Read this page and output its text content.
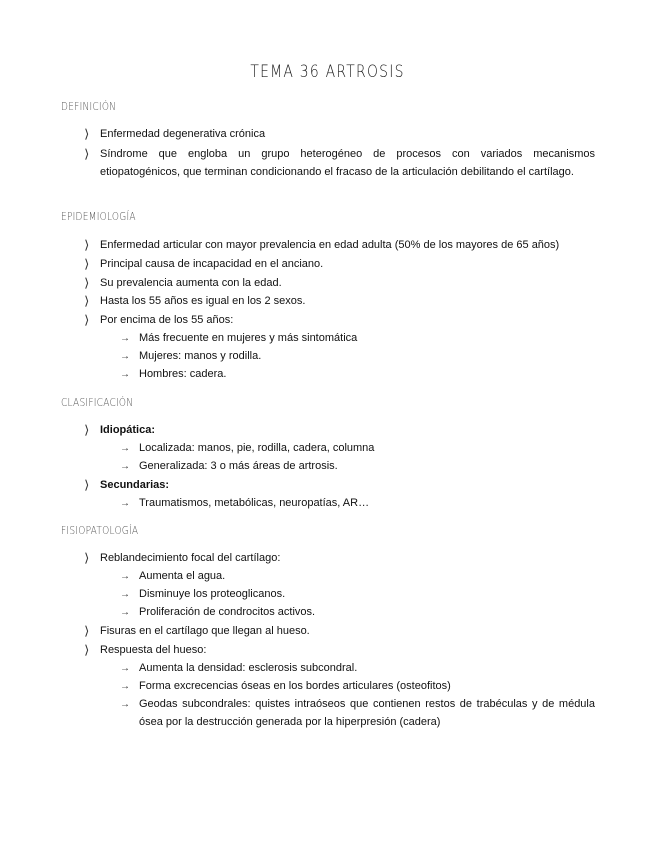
TEMA 36 ARTROSIS
DEFINICIÓN
❭ Enfermedad degenerativa crónica
❭ Síndrome que engloba un grupo heterogéneo de procesos con variados mecanismos etiopatogénicos, que terminan condicionando el fracaso de la articulación debilitando el cartílago.
EPIDEMIOLOGÍA
❭ Enfermedad articular con mayor prevalencia en edad adulta (50% de los mayores de 65 años)
❭ Principal causa de incapacidad en el anciano.
❭ Su prevalencia aumenta con la edad.
❭ Hasta los 55 años es igual en los 2 sexos.
❭ Por encima de los 55 años:
→ Más frecuente en mujeres y más sintomática
→ Mujeres: manos y rodilla.
→ Hombres: cadera.
CLASIFICACIÓN
❭ Idiopática:
→ Localizada: manos, pie, rodilla, cadera, columna
→ Generalizada: 3 o más áreas de artrosis.
❭ Secundarias:
→ Traumatismos, metabólicas, neuropatías, AR…
FISIOPATOLOGÍA
❭ Reblandecimiento focal del cartílago:
→ Aumenta el agua.
→ Disminuye los proteoglicanos.
→ Proliferación de condrocitos activos.
❭ Fisuras en el cartílago que llegan al hueso.
❭ Respuesta del hueso:
→ Aumenta la densidad: esclerosis subcondral.
→ Forma excrecencias óseas en los bordes articulares (osteofitos)
→ Geodas subcondrales: quistes intraóseos que contienen restos de trabéculas y de médula ósea por la destrucción generada por la hiperpresión (cadera)
